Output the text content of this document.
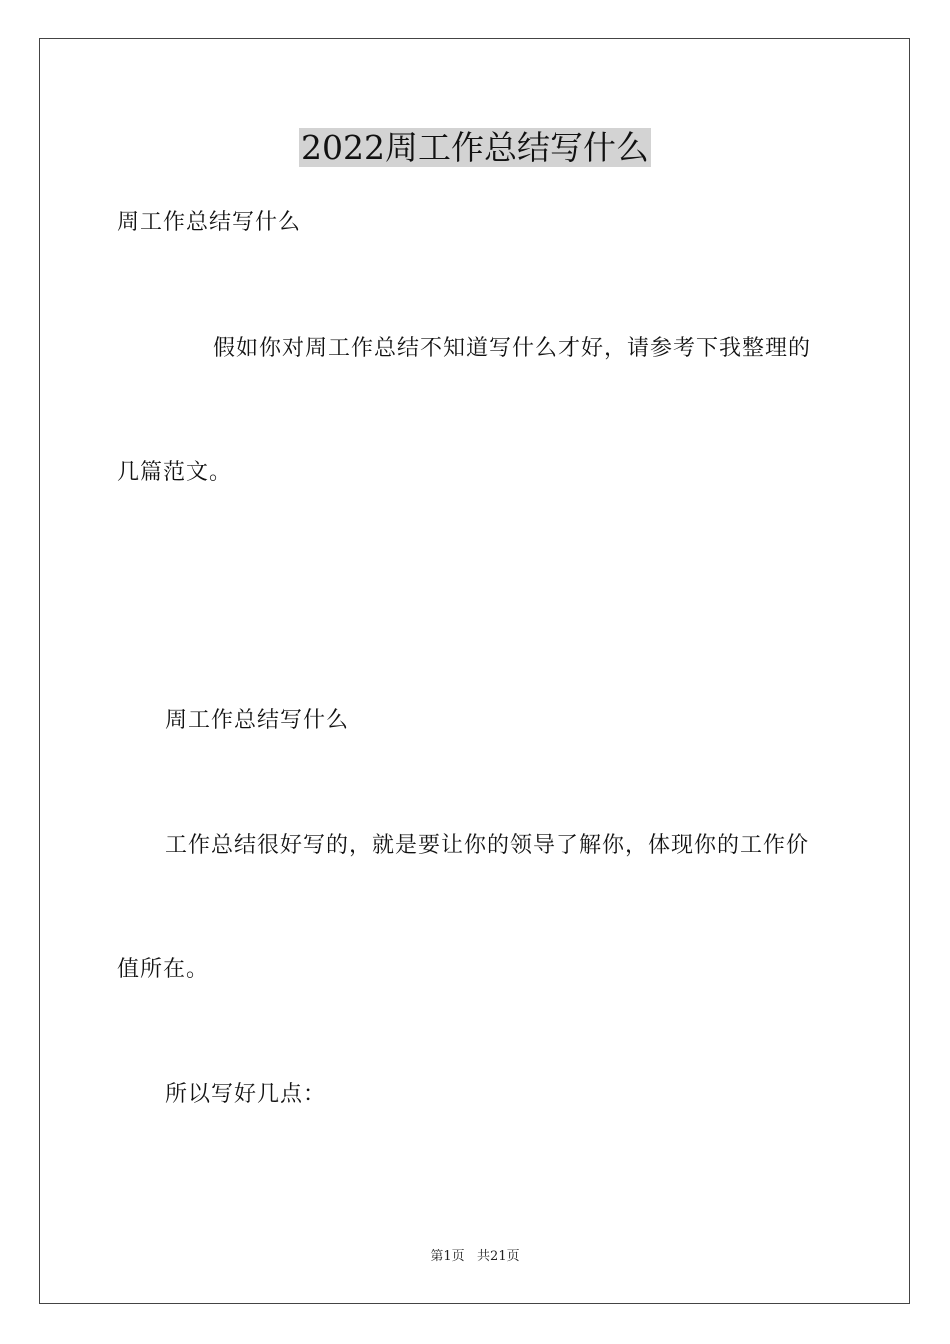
2022周工作总结写什么
周工作总结写什么
假如你对周工作总结不知道写什么才好，请参考下我整理的
几篇范文。
周工作总结写什么
工作总结很好写的，就是要让你的领导了解你，体现你的工作价
值所在。
所以写好几点：
第1页   共21页
